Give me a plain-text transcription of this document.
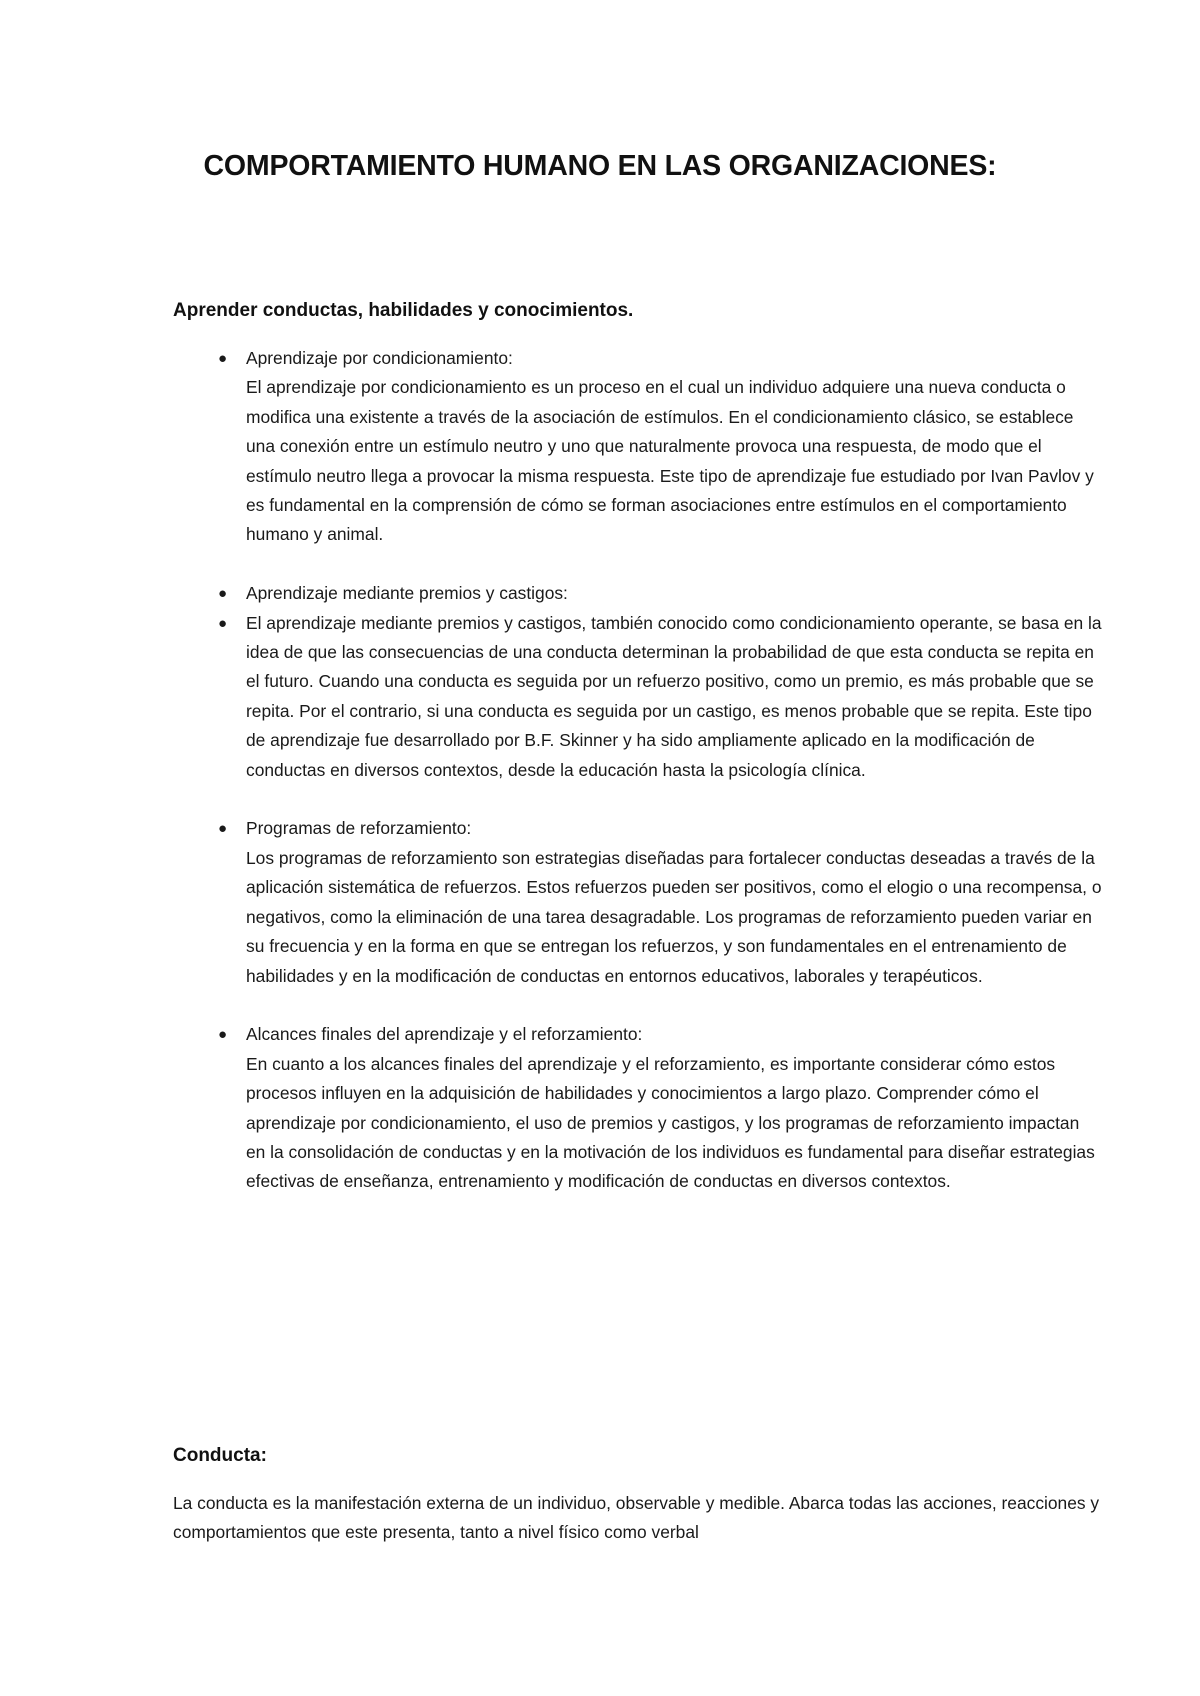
COMPORTAMIENTO HUMANO EN LAS ORGANIZACIONES:
Aprender conductas, habilidades y conocimientos.
● Aprendizaje por condicionamiento:
El aprendizaje por condicionamiento es un proceso en el cual un individuo adquiere una nueva conducta o modifica una existente a través de la asociación de estímulos. En el condicionamiento clásico, se establece una conexión entre un estímulo neutro y uno que naturalmente provoca una respuesta, de modo que el estímulo neutro llega a provocar la misma respuesta. Este tipo de aprendizaje fue estudiado por Ivan Pavlov y es fundamental en la comprensión de cómo se forman asociaciones entre estímulos en el comportamiento humano y animal.
● Aprendizaje mediante premios y castigos:
● El aprendizaje mediante premios y castigos, también conocido como condicionamiento operante, se basa en la idea de que las consecuencias de una conducta determinan la probabilidad de que esta conducta se repita en el futuro. Cuando una conducta es seguida por un refuerzo positivo, como un premio, es más probable que se repita. Por el contrario, si una conducta es seguida por un castigo, es menos probable que se repita. Este tipo de aprendizaje fue desarrollado por B.F. Skinner y ha sido ampliamente aplicado en la modificación de conductas en diversos contextos, desde la educación hasta la psicología clínica.
● Programas de reforzamiento:
Los programas de reforzamiento son estrategias diseñadas para fortalecer conductas deseadas a través de la aplicación sistemática de refuerzos. Estos refuerzos pueden ser positivos, como el elogio o una recompensa, o negativos, como la eliminación de una tarea desagradable. Los programas de reforzamiento pueden variar en su frecuencia y en la forma en que se entregan los refuerzos, y son fundamentales en el entrenamiento de habilidades y en la modificación de conductas en entornos educativos, laborales y terapéuticos.
● Alcances finales del aprendizaje y el reforzamiento:
En cuanto a los alcances finales del aprendizaje y el reforzamiento, es importante considerar cómo estos procesos influyen en la adquisición de habilidades y conocimientos a largo plazo. Comprender cómo el aprendizaje por condicionamiento, el uso de premios y castigos, y los programas de reforzamiento impactan en la consolidación de conductas y en la motivación de los individuos es fundamental para diseñar estrategias efectivas de enseñanza, entrenamiento y modificación de conductas en diversos contextos.
Conducta:

La conducta es la manifestación externa de un individuo, observable y medible. Abarca todas las acciones, reacciones y comportamientos que este presenta, tanto a nivel físico como verbal
